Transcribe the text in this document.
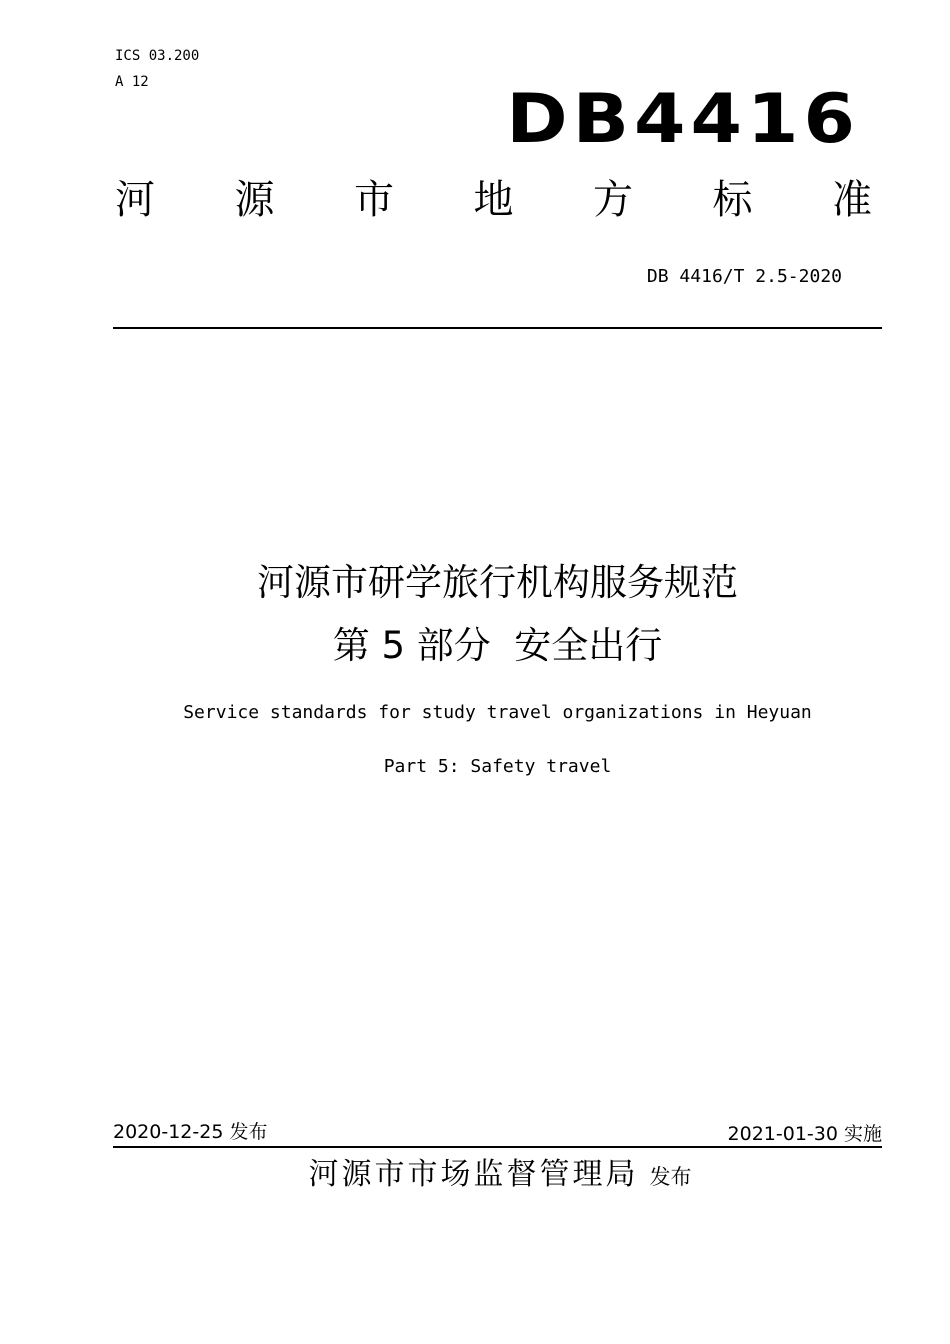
ICS 03.200
A 12	DB4416
河 源 市 地 方 标 准
DB 4416/T 2.5-2020
河源市研学旅行机构服务规范
第 5 部分  安全出行
Service standards for study travel organizations in Heyuan
Part 5: Safety travel
2020-12-25 发布	2021-01-30 实施
河源市市场监督管理局 发布
